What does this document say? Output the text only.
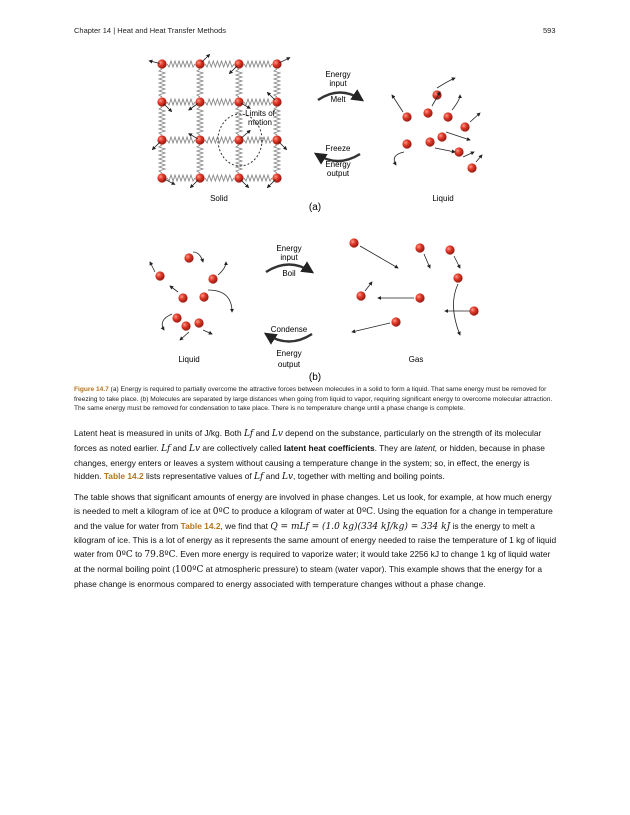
Chapter 14 | Heat and Heat Transfer Methods	593
Limits of
motion
Energy
input
Melt
Freeze
Energy
output
Solid	Liquid
(a)
Energy
input
Boil
Condense
Energy
output
Liquid	Gas
(b)
Figure 14.7 (a) Energy is required to partially overcome the attractive forces between molecules in a solid to form a liquid. That same energy must be removed for freezing to take place. (b) Molecules are separated by large distances when going from liquid to vapor, requiring significant energy to overcome molecular attraction. The same energy must be removed for condensation to take place. There is no temperature change until a phase change is complete.
Latent heat is measured in units of J/kg. Both Lf and Lv depend on the substance, particularly on the strength of its molecular forces as noted earlier. Lf and Lv are collectively called latent heat coefficients. They are latent, or hidden, because in phase changes, energy enters or leaves a system without causing a temperature change in the system; so, in effect, the energy is hidden. Table 14.2 lists representative values of Lf and Lv, together with melting and boiling points.
The table shows that significant amounts of energy are involved in phase changes. Let us look, for example, at how much energy is needed to melt a kilogram of ice at 0ºC to produce a kilogram of water at 0ºC. Using the equation for a change in temperature and the value for water from Table 14.2, we find that Q = mLf = (1.0 kg)(334 kJ/kg) = 334 kJ is the energy to melt a kilogram of ice. This is a lot of energy as it represents the same amount of energy needed to raise the temperature of 1 kg of liquid water from 0ºC to 79.8ºC. Even more energy is required to vaporize water; it would take 2256 kJ to change 1 kg of liquid water at the normal boiling point (100ºC at atmospheric pressure) to steam (water vapor). This example shows that the energy for a phase change is enormous compared to energy associated with temperature changes without a phase change.
